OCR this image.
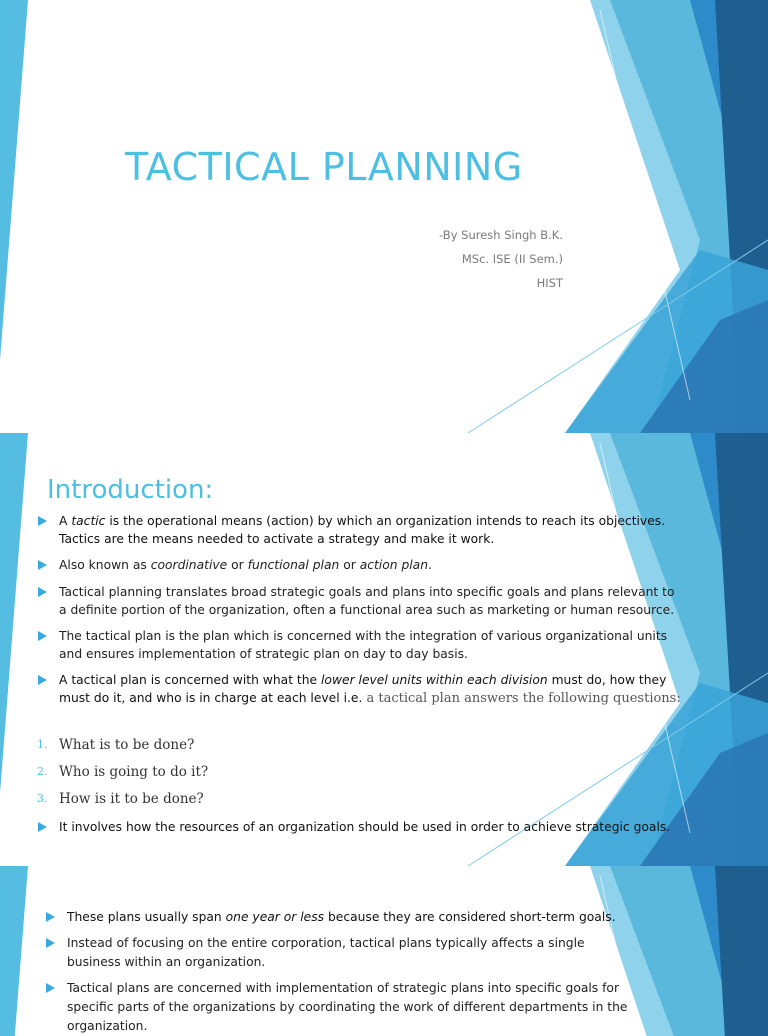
TACTICAL PLANNING
-By Suresh Singh B.K.
MSc. ISE (II Sem.)
HIST
Introduction:
A tactic is the operational means (action) by which an organization intends to reach its objectives.
Tactics are the means needed to activate a strategy and make it work.
Also known as coordinative or functional plan or action plan.
Tactical planning translates broad strategic goals and plans into specific goals and plans relevant to a definite portion of the organization, often a functional area such as marketing or human resource.
The tactical plan is the plan which is concerned with the integration of various organizational units and ensures implementation of strategic plan on day to day basis.
A tactical plan is concerned with what the lower level units within each division must do, how they must do it, and who is in charge at each level i.e. a tactical plan answers the following questions:
1. What is to be done?
2. Who is going to do it?
3. How is it to be done?
It involves how the resources of an organization should be used in order to achieve strategic goals.
These plans usually span one year or less because they are considered short-term goals.
Instead of focusing on the entire corporation, tactical plans typically affects a single business within an organization.
Tactical plans are concerned with implementation of strategic plans into specific goals for specific parts of the organizations by coordinating the work of different departments in the organization.
